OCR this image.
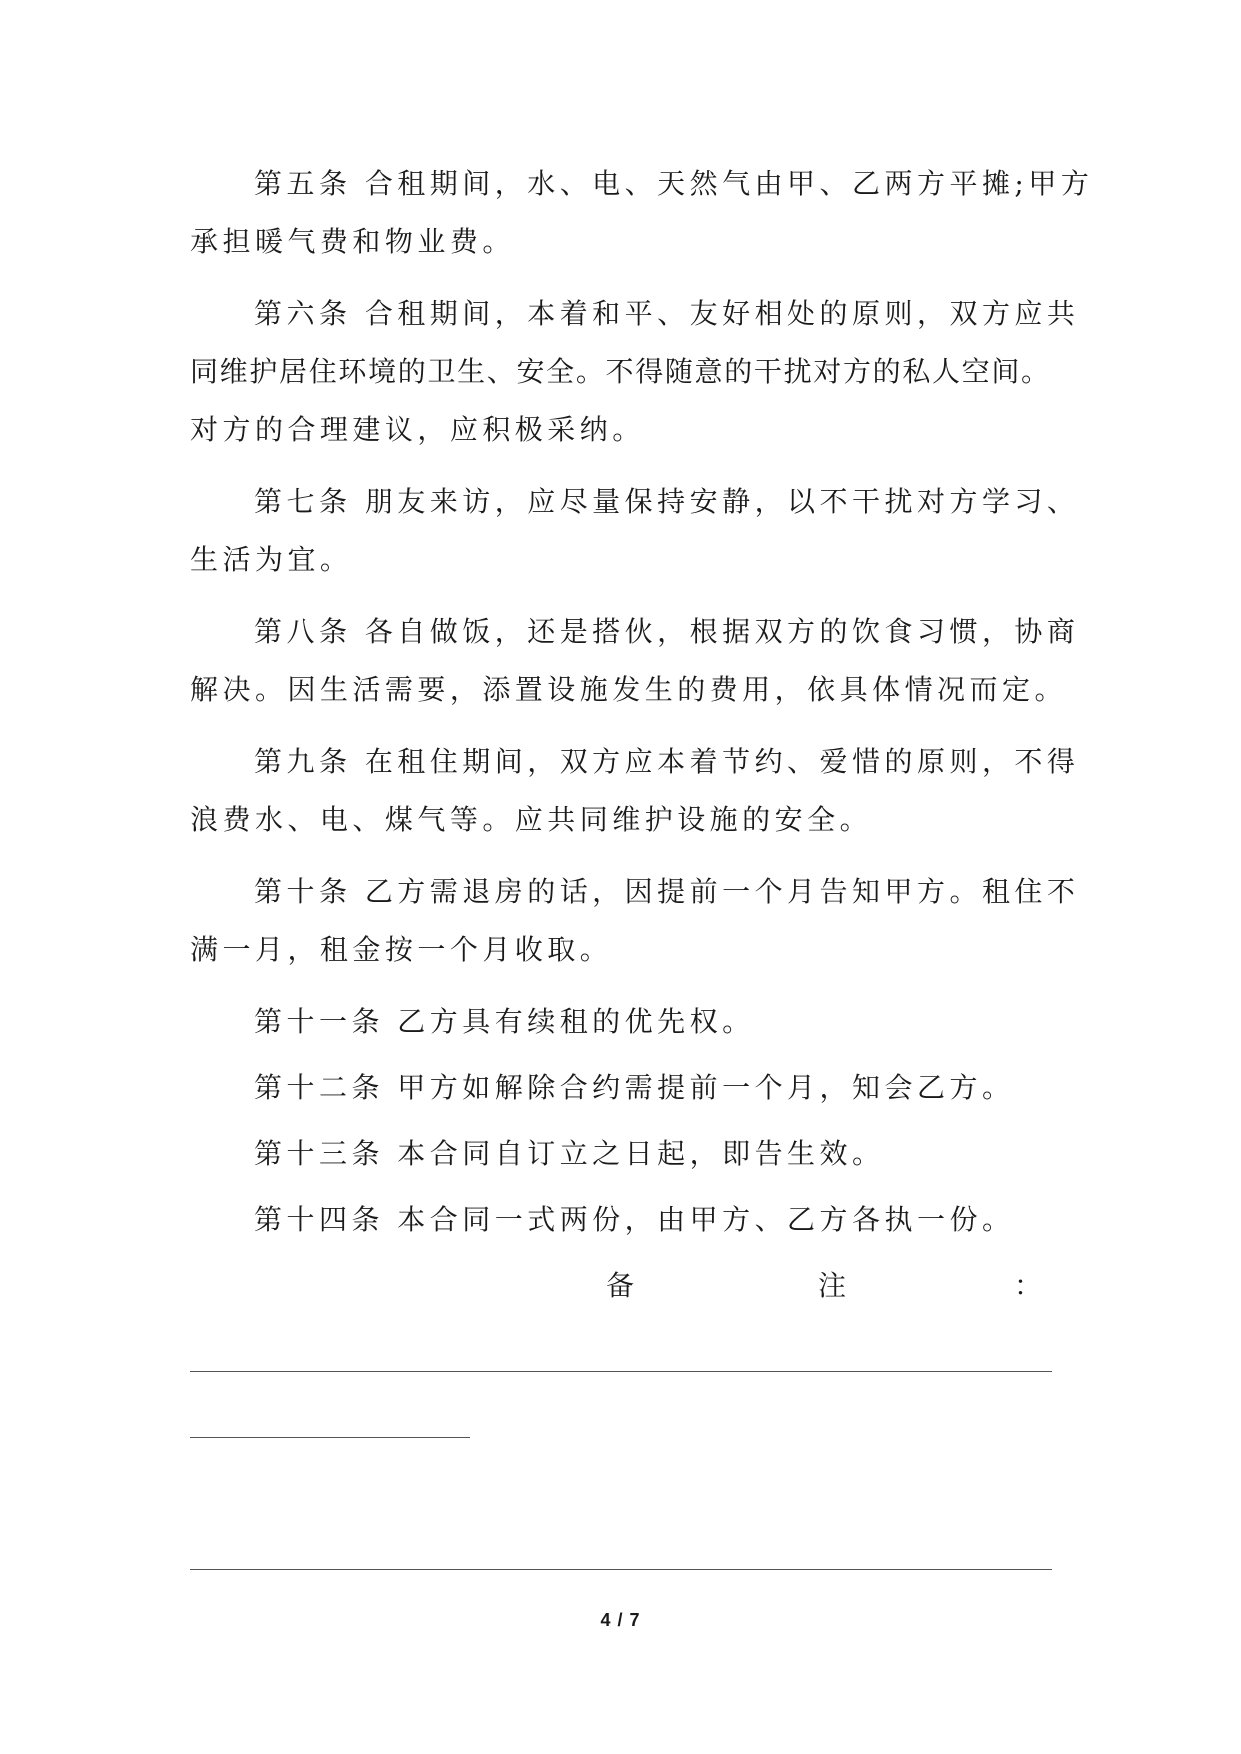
第五条 合租期间，水、电、天然气由甲、乙两方平摊;甲方
承担暖气费和物业费。
第六条 合租期间，本着和平、友好相处的原则，双方应共
同维护居住环境的卫生、安全。不得随意的干扰对方的私人空间。
对方的合理建议，应积极采纳。
第七条 朋友来访，应尽量保持安静，以不干扰对方学习、
生活为宜。
第八条 各自做饭，还是搭伙，根据双方的饮食习惯，协商
解决。因生活需要，添置设施发生的费用，依具体情况而定。
第九条 在租住期间，双方应本着节约、爱惜的原则，不得
浪费水、电、煤气等。应共同维护设施的安全。
第十条 乙方需退房的话，因提前一个月告知甲方。租住不
满一月，租金按一个月收取。
第十一条 乙方具有续租的优先权。
第十二条 甲方如解除合约需提前一个月，知会乙方。
第十三条 本合同自订立之日起，即告生效。
第十四条 本合同一式两份，由甲方、乙方各执一份。
备	注	：
4 / 7
